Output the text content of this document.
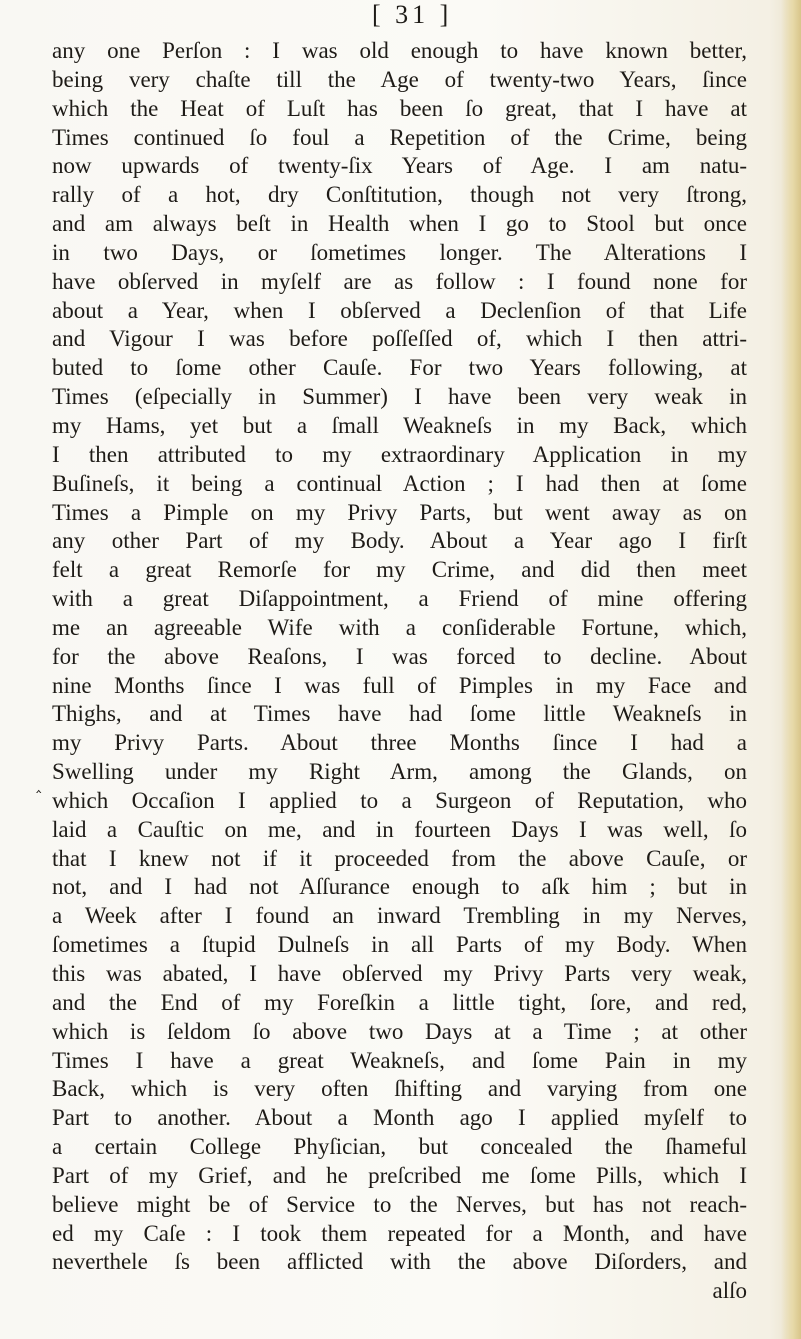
[ 31 ]
‸
any one Perſon : I was old enough to have known better,
being very chaſte till the Age of twenty-two Years, ſince
which the Heat of Luſt has been ſo great, that I have at
Times continued ſo foul a Repetition of the Crime, being
now upwards of twenty-ſix Years of Age. I am natu-
rally of a hot, dry Conſtitution, though not very ſtrong,
and am always beſt in Health when I go to Stool but once
in two Days, or ſometimes longer. The Alterations I
have obſerved in myſelf are as follow : I found none for
about a Year, when I obſerved a Declenſion of that Life
and Vigour I was before poſſeſſed of, which I then attri-
buted to ſome other Cauſe. For two Years following, at
Times (eſpecially in Summer) I have been very weak in
my Hams, yet but a ſmall Weakneſs in my Back, which
I then attributed to my extraordinary Application in my
Buſineſs, it being a continual Action ; I had then at ſome
Times a Pimple on my Privy Parts, but went away as on
any other Part of my Body. About a Year ago I firſt
felt a great Remorſe for my Crime, and did then meet
with a great Diſappointment, a Friend of mine offering
me an agreeable Wife with a conſiderable Fortune, which,
for the above Reaſons, I was forced to decline. About
nine Months ſince I was full of Pimples in my Face and
Thighs, and at Times have had ſome little Weakneſs in
my Privy Parts. About three Months ſince I had a
Swelling under my Right Arm, among the Glands, on
which Occaſion I applied to a Surgeon of Reputation, who
laid a Cauſtic on me, and in fourteen Days I was well, ſo
that I knew not if it proceeded from the above Cauſe, or
not, and I had not Aſſurance enough to aſk him ; but in
a Week after I found an inward Trembling in my Nerves,
ſometimes a ſtupid Dulneſs in all Parts of my Body. When
this was abated, I have obſerved my Privy Parts very weak,
and the End of my Foreſkin a little tight, ſore, and red,
which is ſeldom ſo above two Days at a Time ; at other
Times I have a great Weakneſs, and ſome Pain in my
Back, which is very often ſhifting and varying from one
Part to another. About a Month ago I applied myſelf to
a certain College Phyſician, but concealed the ſhameful
Part of my Grief, and he preſcribed me ſome Pills, which I
believe might be of Service to the Nerves, but has not reach-
ed my Caſe : I took them repeated for a Month, and have
neverthele ſs been afflicted with the above Diſorders, and
alſo
